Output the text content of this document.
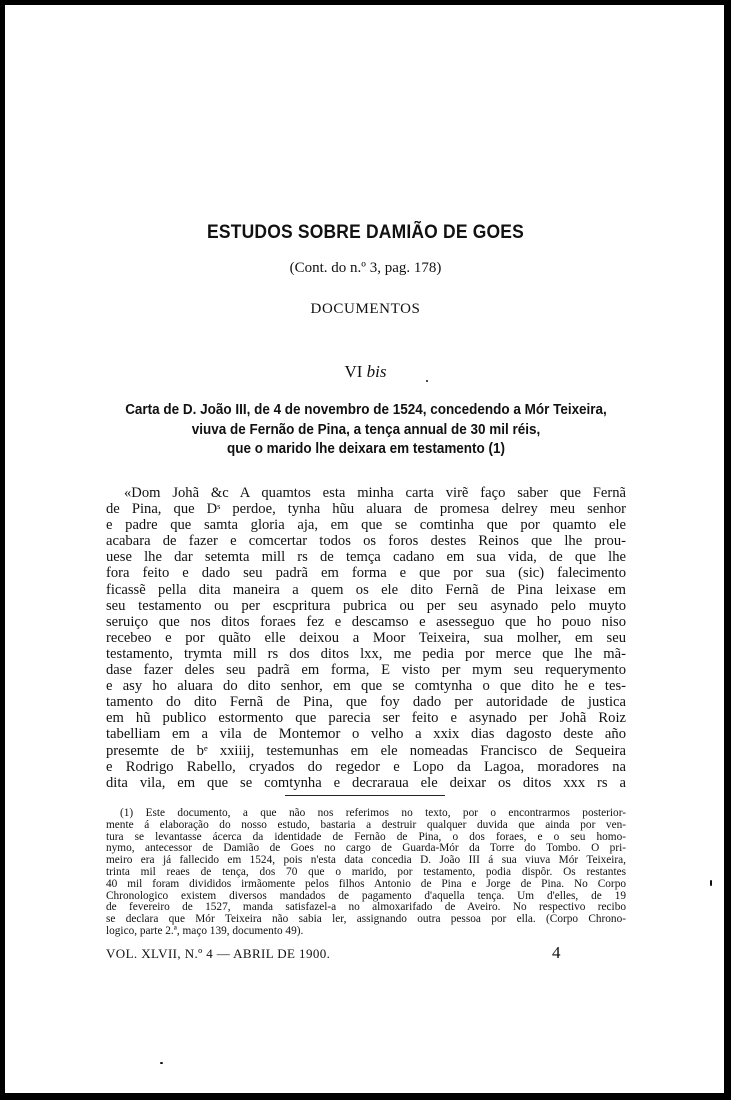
ESTUDOS SOBRE DAMIÃO DE GOES
(Cont. do n.º 3, pag. 178)
DOCUMENTOS
VI bis
Carta de D. João III, de 4 de novembro de 1524, concedendo a Mór Teixeira,
viuva de Fernão de Pina, a tença annual de 30 mil réis,
que o marido lhe deixara em testamento (1)
«Dom Johã &c A quamtos esta minha carta virẽ faço saber que Fernã
de Pina, que Dˢ perdoe, tynha hũu aluara de promesa delrey meu senhor
e padre que samta gloria aja, em que se comtinha que por quamto ele
acabara de fazer e comcertar todos os foros destes Reinos que lhe prou-
uese lhe dar setemta mill rs de temça cadano em sua vida, de que lhe
fora feito e dado seu padrã em forma e que por sua (sic) falecimento
ficassẽ pella dita maneira a quem os ele dito Fernã de Pina leixase em
seu testamento ou per escpritura pubrica ou per seu asynado pelo muyto
seruiço que nos ditos foraes fez e descamso e asesseguo que ho pouo niso
recebeo e por quãto elle deixou a Moor Teixeira, sua molher, em seu
testamento, trymta mill rs dos ditos lxx, me pedia por merce que lhe mã-
dase fazer deles seu padrã em forma, E visto per mym seu requerymento
e asy ho aluara do dito senhor, em que se comtynha o que dito he e tes-
tamento do dito Fernã de Pina, que foy dado per autoridade de justica
em hũ publico estormento que parecia ser feito e asynado per Johã Roiz
tabelliam em a vila de Montemor o velho a xxix dias dagosto deste año
presemte de bᵉ xxiiij, testemunhas em ele nomeadas Francisco de Sequeira
e Rodrigo Rabello, cryados do regedor e Lopo da Lagoa, moradores na
dita vila, em que se comtynha e decraraua ele deixar os ditos xxx rs a
(1) Este documento, a que não nos referimos no texto, por o encontrarmos posterior-
mente á elaboração do nosso estudo, bastaria a destruir qualquer duvida que ainda por ven-
tura se levantasse ácerca da identidade de Fernão de Pina, o dos foraes, e o seu homo-
nymo, antecessor de Damião de Goes no cargo de Guarda-Mór da Torre do Tombo. O pri-
meiro era já fallecido em 1524, pois n'esta data concedia D. João III á sua viuva Mór Teixeira,
trinta mil reaes de tença, dos 70 que o marido, por testamento, podia dispôr. Os restantes
40 mil foram divididos irmãomente pelos filhos Antonio de Pina e Jorge de Pina. No Corpo
Chronologico existem diversos mandados de pagamento d'aquella tença. Um d'elles, de 19
de fevereiro de 1527, manda satisfazel-a no almoxarifado de Aveiro. No respectivo recibo
se declara que Mór Teixeira não sabia ler, assignando outra pessoa por ella. (Corpo Chrono-
logico, parte 2.ª, maço 139, documento 49).
VOL. XLVII, N.º 4 — ABRIL DE 1900.	4
